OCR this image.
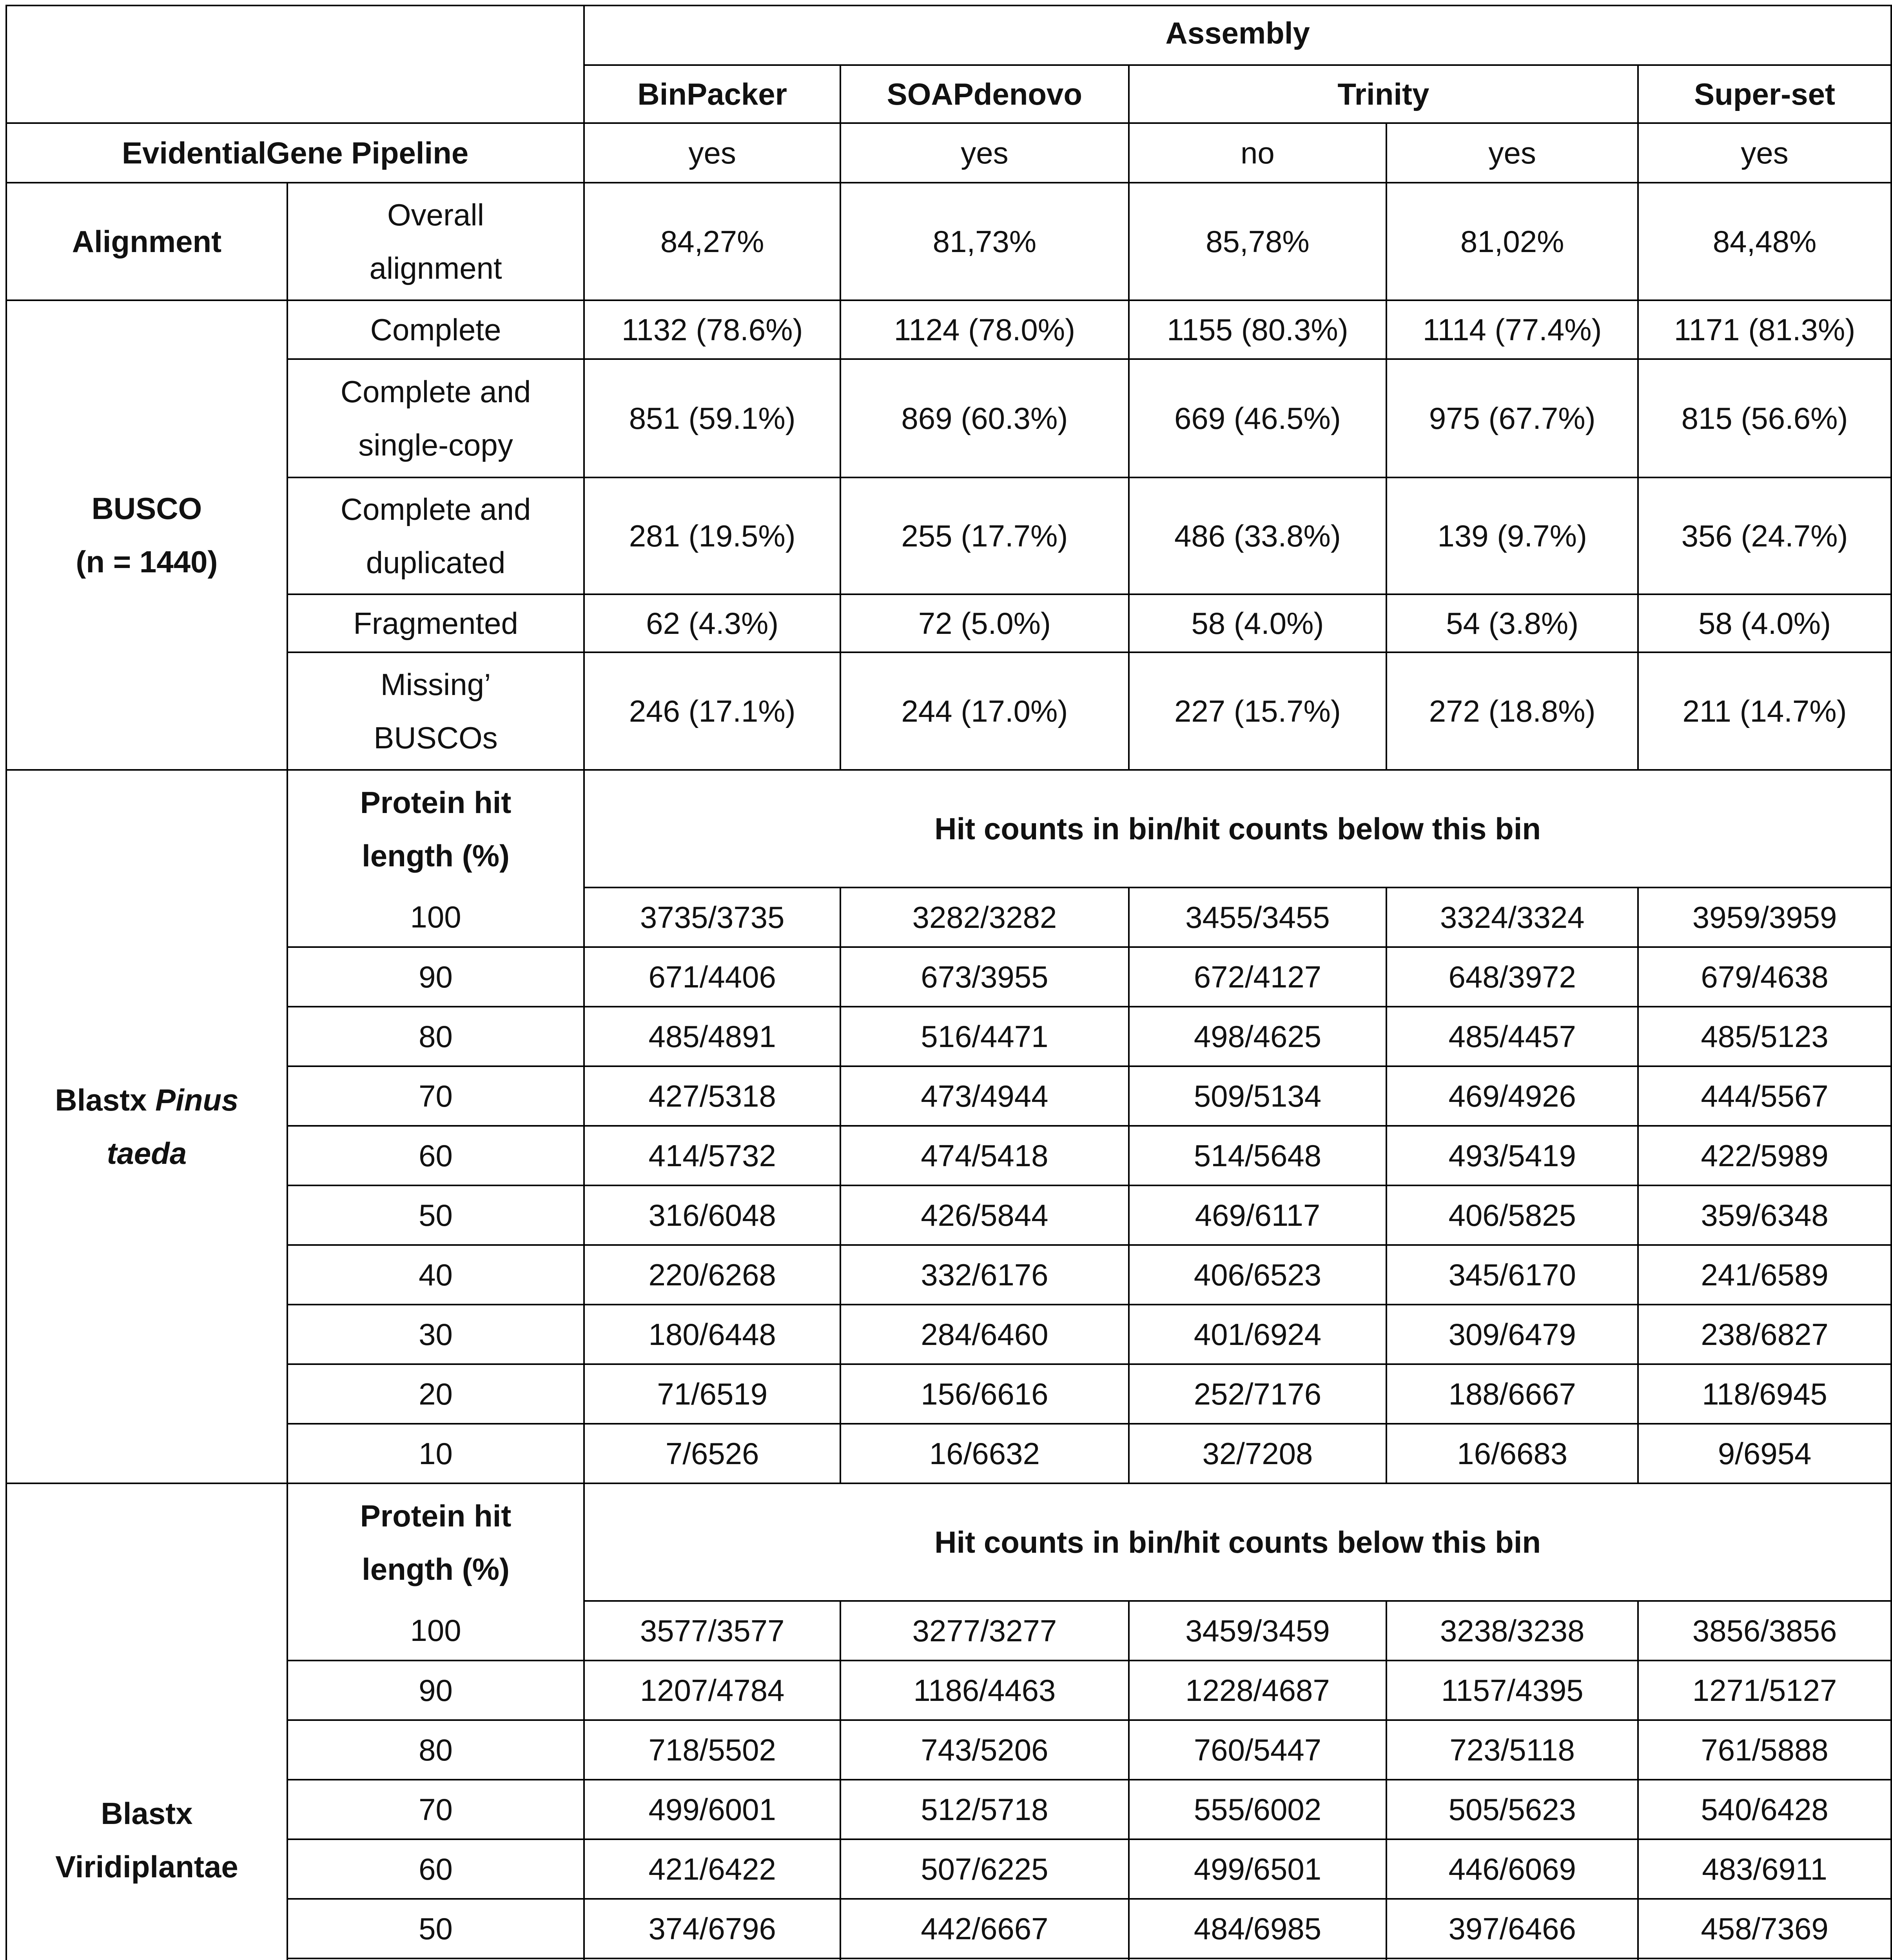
		Assembly				
		BinPacker	SOAPdenovo	Trinity		Super-set
EvidentialGene Pipeline		yes	yes	no	yes	yes
Alignment	Overall alignment	84,27%	81,73%	85,78%	81,02%	84,48%

BUSCO
(n = 1440)	Complete	1132 (78.6%)	1124 (78.0%)	1155 (80.3%)	1114 (77.4%)	1171 (81.3%)
	Complete and single-copy	851 (59.1%)	869 (60.3%)	669 (46.5%)	975 (67.7%)	815 (56.6%)
	Complete and duplicated	281 (19.5%)	255 (17.7%)	486 (33.8%)	139 (9.7%)	356 (24.7%)
	Fragmented	62 (4.3%)	72 (5.0%)	58 (4.0%)	54 (3.8%)	58 (4.0%)
	Missing’ BUSCOs	246 (17.1%)	244 (17.0%)	227 (15.7%)	272 (18.8%)	211 (14.7%)
Blastx Pinus taeda	Protein hit length (%)	Hit counts in bin/hit counts below this bin				
	100	3735/3735	3282/3282	3455/3455	3324/3324	3959/3959
	90	671/4406	673/3955	672/4127	648/3972	679/4638
	80	485/4891	516/4471	498/4625	485/4457	485/5123
	70	427/5318	473/4944	509/5134	469/4926	444/5567
	60	414/5732	474/5418	514/5648	493/5419	422/5989
	50	316/6048	426/5844	469/6117	406/5825	359/6348
	40	220/6268	332/6176	406/6523	345/6170	241/6589
	30	180/6448	284/6460	401/6924	309/6479	238/6827
	20	71/6519	156/6616	252/7176	188/6667	118/6945
	10	7/6526	16/6632	32/7208	16/6683	9/6954
Blastx Viridiplantae	Protein hit length (%)	Hit counts in bin/hit counts below this bin				
	100	3577/3577	3277/3277	3459/3459	3238/3238	3856/3856
	90	1207/4784	1186/4463	1228/4687	1157/4395	1271/5127
	80	718/5502	743/5206	760/5447	723/5118	761/5888
	70	499/6001	512/5718	555/6002	505/5623	540/6428
	60	421/6422	507/6225	499/6501	446/6069	483/6911
	50	374/6796	442/6667	484/6985	397/6466	458/7369
